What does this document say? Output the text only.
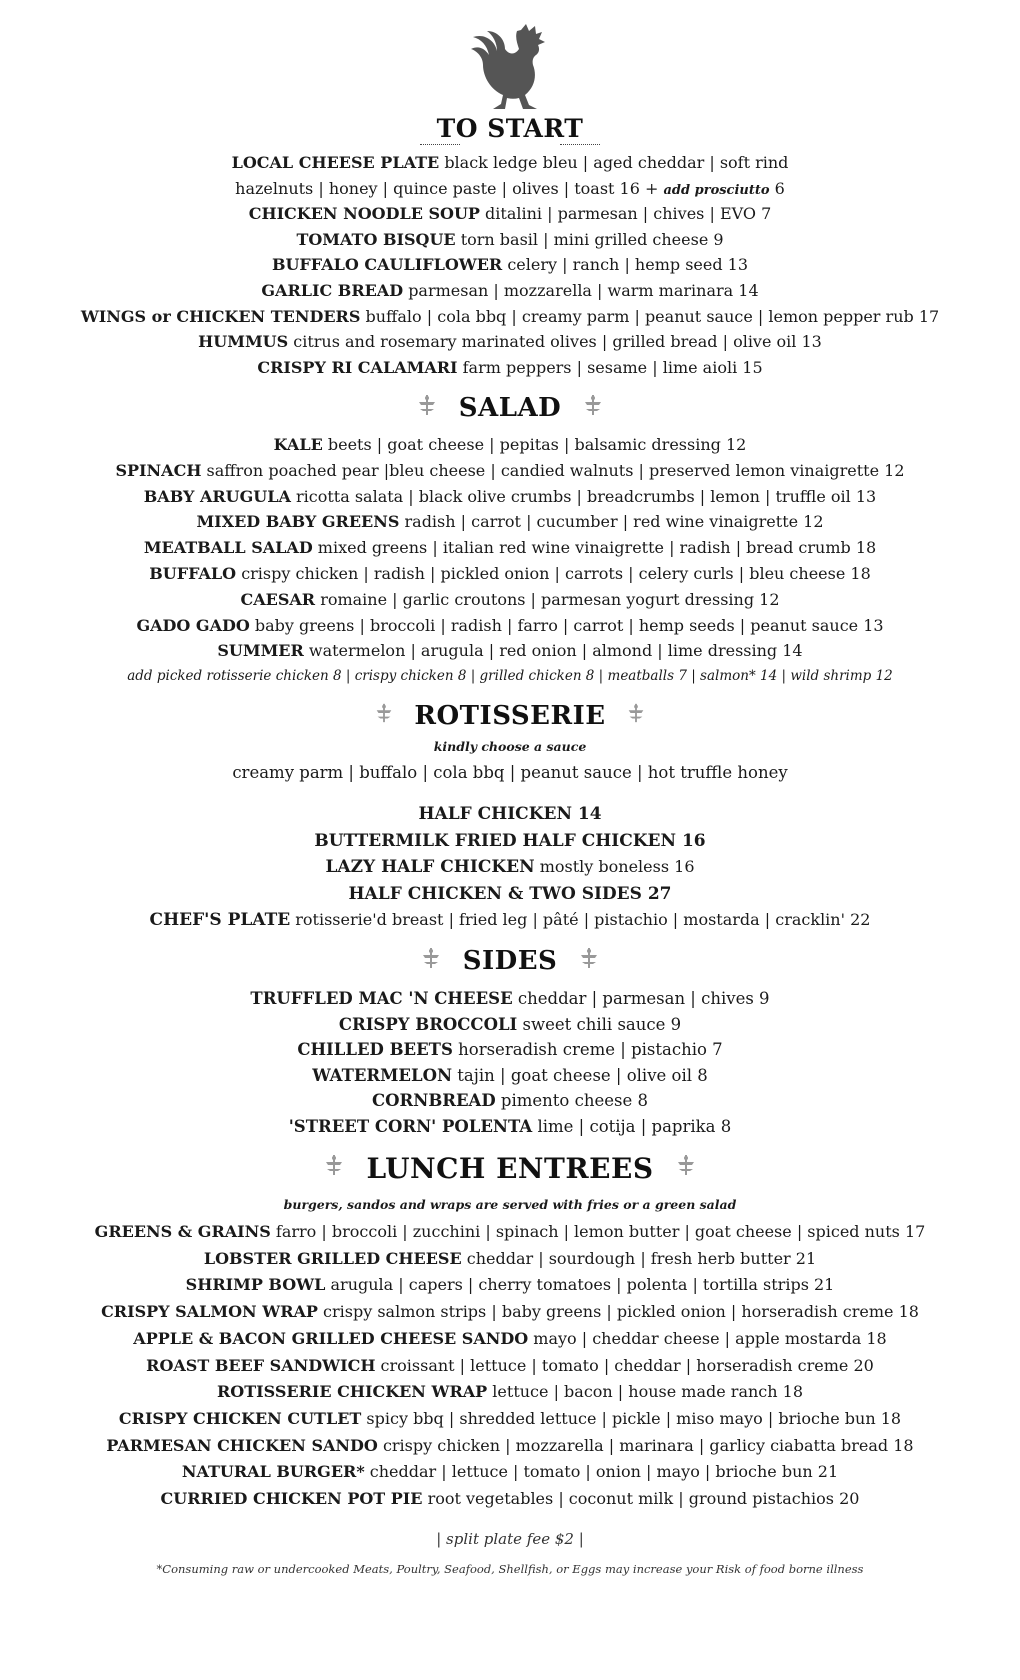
TO START
LOCAL CHEESE PLATE black ledge bleu | aged cheddar | soft rind
hazelnuts | honey | quince paste | olives | toast 16 + add prosciutto 6
CHICKEN NOODLE SOUP ditalini | parmesan | chives | EVO 7
TOMATO BISQUE torn basil | mini grilled cheese 9
BUFFALO CAULIFLOWER celery | ranch | hemp seed 13
GARLIC BREAD parmesan | mozzarella | warm marinara 14
WINGS or CHICKEN TENDERS buffalo | cola bbq | creamy parm | peanut sauce | lemon pepper rub 17
HUMMUS citrus and rosemary marinated olives | grilled bread | olive oil 13
CRISPY RI CALAMARI farm peppers | sesame | lime aioli 15
SALAD
KALE beets | goat cheese | pepitas | balsamic dressing 12
SPINACH saffron poached pear |bleu cheese | candied walnuts | preserved lemon vinaigrette 12
BABY ARUGULA ricotta salata | black olive crumbs | breadcrumbs | lemon | truffle oil 13
MIXED BABY GREENS radish | carrot | cucumber | red wine vinaigrette 12
MEATBALL SALAD mixed greens | italian red wine vinaigrette | radish | bread crumb 18
BUFFALO crispy chicken | radish | pickled onion | carrots | celery curls | bleu cheese 18
CAESAR romaine | garlic croutons | parmesan yogurt dressing 12
GADO GADO baby greens | broccoli | radish | farro | carrot | hemp seeds | peanut sauce 13
SUMMER watermelon | arugula | red onion | almond | lime dressing 14
add picked rotisserie chicken 8 | crispy chicken 8 | grilled chicken 8 | meatballs 7 | salmon* 14 | wild shrimp 12
ROTISSERIE
kindly choose a sauce
creamy parm | buffalo | cola bbq | peanut sauce | hot truffle honey
HALF CHICKEN 14
BUTTERMILK FRIED HALF CHICKEN 16
LAZY HALF CHICKEN mostly boneless 16
HALF CHICKEN & TWO SIDES 27
CHEF'S PLATE rotisserie'd breast | fried leg | pâté | pistachio | mostarda | cracklin' 22
SIDES
TRUFFLED MAC 'N CHEESE cheddar | parmesan | chives 9
CRISPY BROCCOLI sweet chili sauce 9
CHILLED BEETS horseradish creme | pistachio 7
WATERMELON tajin | goat cheese | olive oil 8
CORNBREAD pimento cheese 8
'STREET CORN' POLENTA lime | cotija | paprika 8
LUNCH ENTREES
burgers, sandos and wraps are served with fries or a green salad
GREENS & GRAINS farro | broccoli | zucchini | spinach | lemon butter | goat cheese | spiced nuts 17
LOBSTER GRILLED CHEESE cheddar | sourdough | fresh herb butter 21
SHRIMP BOWL arugula | capers | cherry tomatoes | polenta | tortilla strips 21
CRISPY SALMON WRAP crispy salmon strips | baby greens | pickled onion | horseradish creme 18
APPLE & BACON GRILLED CHEESE SANDO mayo | cheddar cheese | apple mostarda 18
ROAST BEEF SANDWICH croissant | lettuce | tomato | cheddar | horseradish creme 20
ROTISSERIE CHICKEN WRAP lettuce | bacon | house made ranch 18
CRISPY CHICKEN CUTLET spicy bbq | shredded lettuce | pickle | miso mayo | brioche bun 18
PARMESAN CHICKEN SANDO crispy chicken | mozzarella | marinara | garlicy ciabatta bread 18
NATURAL BURGER* cheddar | lettuce | tomato | onion | mayo | brioche bun 21
CURRIED CHICKEN POT PIE root vegetables | coconut milk | ground pistachios 20
| split plate fee $2 |
*Consuming raw or undercooked Meats, Poultry, Seafood, Shellfish, or Eggs may increase your Risk of food borne illness
